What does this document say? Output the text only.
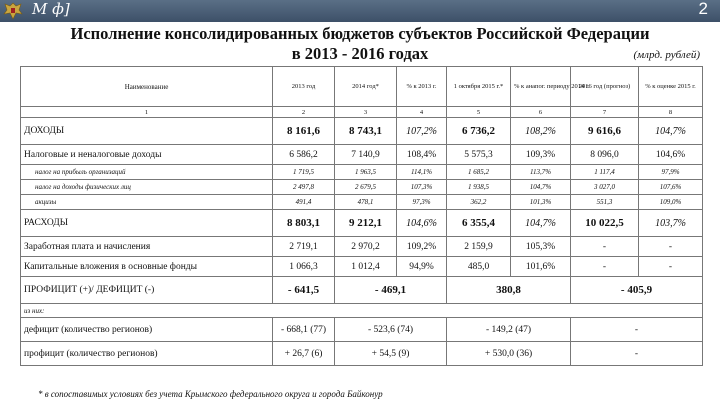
М ф]	2
Исполнение консолидированных бюджетов субъектов Российской Федерации
в 2013 - 2016 годах	(млрд. рублей)
Наименование	2013 год	2014 год*	% к 2013 г.	1 октября 2015 г.*	% к анапог. периоду 2014 г.	2016 год (прогноз)	% к оценке 2015 г.
1	2	3	4	5	6	7	8
ДОХОДЫ	8 161,6	8 743,1	107,2%	6 736,2	108,2%	9 616,6	104,7%
Налоговые и неналоговые доходы	6 586,2	7 140,9	108,4%	5 575,3	109,3%	8 096,0	104,6%
налог на прибыль организаций	1 719,5	1 963,5	114,1%	1 685,2	113,7%	1 117,4	97,9%
налог на доходы физических лиц	2 497,8	2 679,5	107,3%	1 938,5	104,7%	3 027,0	107,6%
акцизы	491,4	478,1	97,3%	362,2	101,3%	551,3	109,0%
РАСХОДЫ	8 803,1	9 212,1	104,6%	6 355,4	104,7%	10 022,5	103,7%
Заработная плата и начисления	2 719,1	2 970,2	109,2%	2 159,9	105,3%	-	-
Капитальные вложения в основные фонды	1 066,3	1 012,4	94,9%	485,0	101,6%	-	-
ПРОФИЦИТ (+)/ ДЕФИЦИТ (-)	- 641,5	- 469,1		380,8		- 405,9	
из них:							
дефицит (количество регионов)	- 668,1 (77)	- 523,6 (74)		- 149,2 (47)		-	
профицит (количество регионов)	+ 26,7 (6)	+ 54,5 (9)		+ 530,0 (36)		-	
* в сопоставимых условиях без учета Крымского федерального округа и города Байконур
